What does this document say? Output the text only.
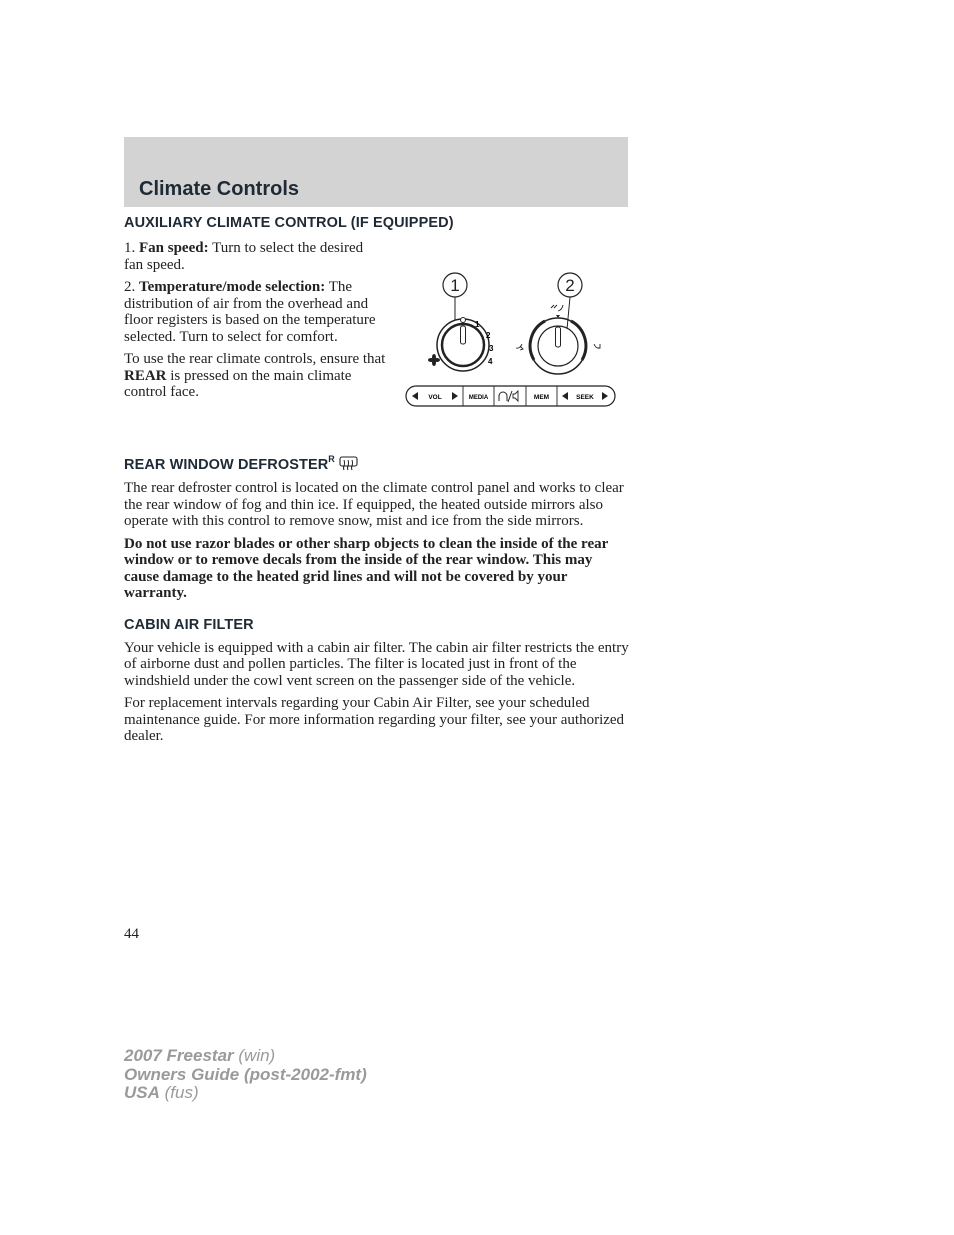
Climate Controls
AUXILIARY CLIMATE CONTROL (IF EQUIPPED)

1. Fan speed: Turn to select the desired fan speed.

2. Temperature/mode selection: The distribution of air from the overhead and floor registers is based on the temperature selected. Turn to select for comfort.

To use the rear climate controls, ensure that REAR is pressed on the main climate control face.

1	2
1
2
3
4
VOL	MEDIA	MEM	SEEK
REAR WINDOW $DEFROSTER^R$

The rear defroster control is located on the climate control panel and works to clear the rear window of fog and thin ice. If equipped, the heated outside mirrors also operate with this control to remove snow, mist and ice from the side mirrors.

Do not use razor blades or other sharp objects to clean the inside of the rear window or to remove decals from the inside of the rear window. This may cause damage to the heated grid lines and will not be covered by your warranty.

CABIN AIR FILTER

Your vehicle is equipped with a cabin air filter. The cabin air filter restricts the entry of airborne dust and pollen particles. The filter is located just in front of the windshield under the cowl vent screen on the passenger side of the vehicle.

For replacement intervals regarding your Cabin Air Filter, see your scheduled maintenance guide. For more information regarding your filter, see your authorized dealer.

44
2007 Freestar (win)
Owners Guide (post-2002-fmt)
USA (fus)
